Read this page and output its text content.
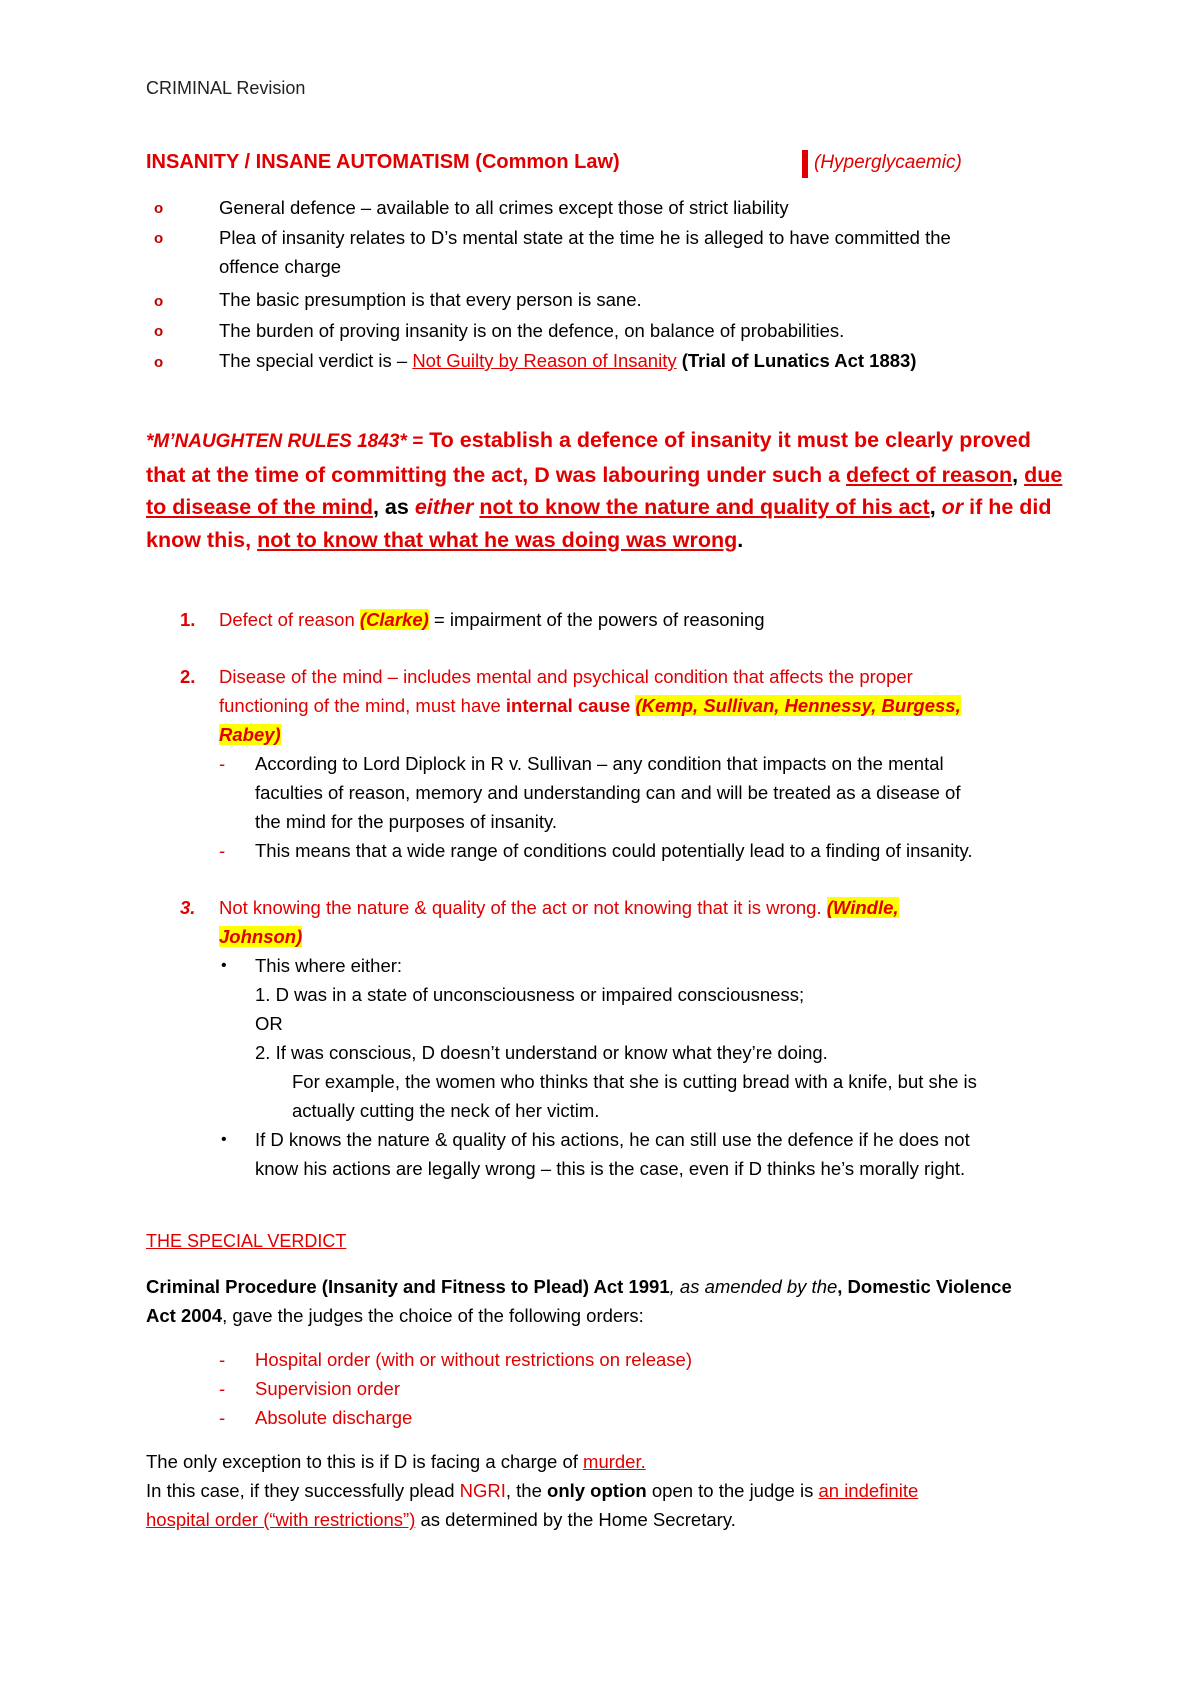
CRIMINAL Revision
INSANITY / INSANE AUTOMATISM (Common Law)	(Hyperglycaemic)
o	General defence – available to all crimes except those of strict liability
o	Plea of insanity relates to D’s mental state at the time he is alleged to have committed the
offence charge
o	The basic presumption is that every person is sane.
o	The burden of proving insanity is on the defence, on balance of probabilities.
o	The special verdict is – Not Guilty by Reason of Insanity (Trial of Lunatics Act 1883)
*M’NAUGHTEN RULES 1843* = To establish a defence of insanity it must be clearly proved that at the time of committing the act, D was labouring under such a defect of reason, due to disease of the mind, as either not to know the nature and quality of his act, or if he did know this, not to know that what he was doing was wrong.
1. Defect of reason (Clarke) = impairment of the powers of reasoning
2. Disease of the mind – includes mental and psychical condition that affects the proper
functioning of the mind, must have internal cause (Kemp, Sullivan, Hennessy, Burgess,
Rabey)
- According to Lord Diplock in R v. Sullivan – any condition that impacts on the mental
faculties of reason, memory and understanding can and will be treated as a disease of
the mind for the purposes of insanity.
- This means that a wide range of conditions could potentially lead to a finding of insanity.
3. Not knowing the nature & quality of the act or not knowing that it is wrong. (Windle,
Johnson)
• This where either:
1. D was in a state of unconsciousness or impaired consciousness;
OR
2. If was conscious, D doesn’t understand or know what they’re doing.
For example, the women who thinks that she is cutting bread with a knife, but she is
actually cutting the neck of her victim.
• If D knows the nature & quality of his actions, he can still use the defence if he does not
know his actions are legally wrong – this is the case, even if D thinks he’s morally right.
THE SPECIAL VERDICT
Criminal Procedure (Insanity and Fitness to Plead) Act 1991, as amended by the, Domestic Violence
Act 2004, gave the judges the choice of the following orders:
- Hospital order (with or without restrictions on release)
- Supervision order
- Absolute discharge
The only exception to this is if D is facing a charge of murder.
In this case, if they successfully plead NGRI, the only option open to the judge is an indefinite
hospital order (“with restrictions”) as determined by the Home Secretary.
